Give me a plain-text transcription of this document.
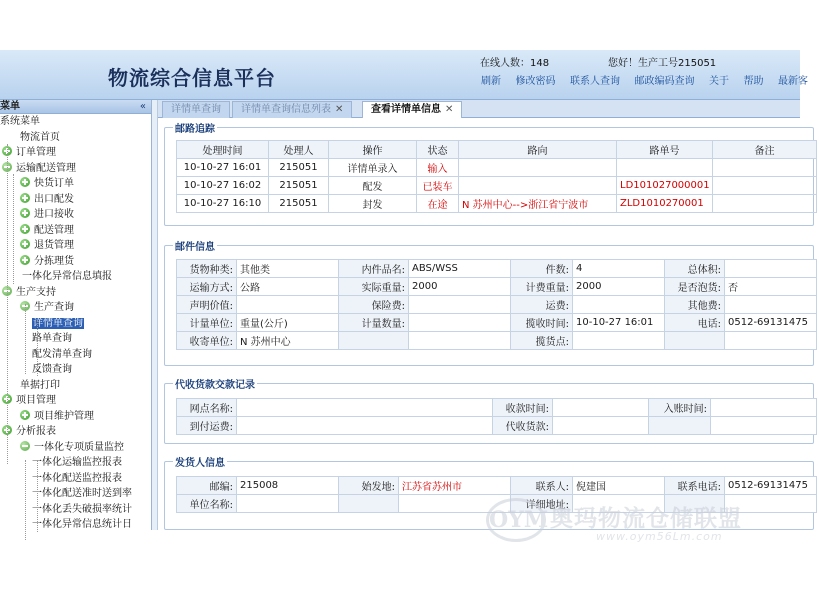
物流综合信息平台
在线人数：148	您好！生产工号215051
刷新 修改密码 联系人查询 邮政编码查询 关于 帮助 最新客
菜单	«
系统菜单
物流首页
订单管理
运输配送管理
快货订单
出口配发
进口接收
配送管理
退货管理
分拣理货
一体化异常信息填报
生产支持
生产查询
详情单查询
路单查询
配发清单查询
反馈查询
单据打印
项目管理
项目维护管理
分析报表
一体化专项质量监控
一体化运输监控报表
一体化配送监控报表
一体化配送准时送到率
一体化丢失破损率统计
一体化异常信息统计日
详情单查询	详情单查询信息列表 ✕	查看详情单信息 ✕
邮路追踪
处理时间	处理人	操作	状态	路向	路单号	备注
10-10-27 16:01	215051	详情单录入	输入			
10-10-27 16:02	215051	配发	已装车		LD101027000001	
10-10-27 16:10	215051	封发	在途	N 苏州中心-->浙江省宁波市	ZLD1010270001	
邮件信息
货物种类:	其他类	内件品名:	ABS/WSS	件数:	4	总体积:	
运输方式:	公路	实际重量:	2000	计费重量:	2000	是否泡货:	否
声明价值:		保险费:		运费:		其他费:	
计量单位:	重量(公斤)	计量数量:		揽收时间:	10-10-27 16:01	电话:	0512-69131475
收寄单位:	N 苏州中心			揽货点:			
代收货款交款记录
网点名称:		收款时间:		入账时间:	
到付运费:		代收货款:			
发货人信息
邮编:	215008	始发地:	江苏省苏州市	联系人:	倪建国	联系电话:	0512-69131475
单位名称:				详细地址:			
OYM 奥玛物流仓储联盟
www.oym56Lm.com
